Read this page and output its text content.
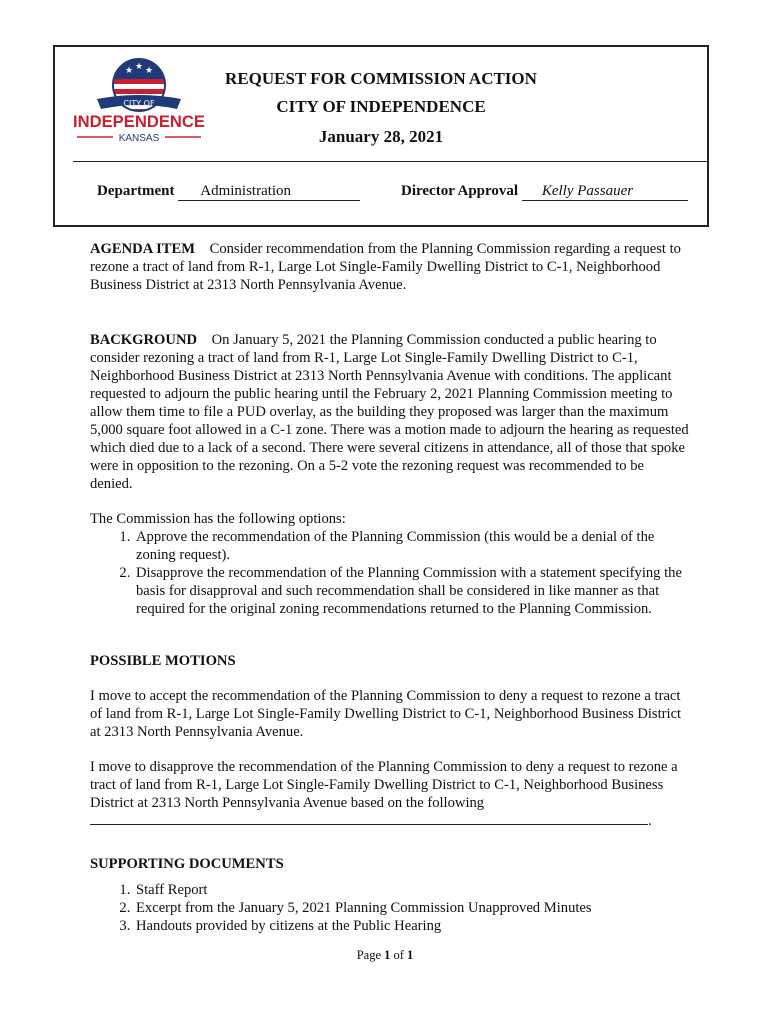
★ ★ ★
CITY OF
INDEPENDENCE
KANSAS
REQUEST FOR COMMISSION ACTION
CITY OF INDEPENDENCE
January 28, 2021
Department Administration	Director Approval Kelly Passauer

AGENDA ITEM Consider recommendation from the Planning Commission regarding a request to rezone a tract of land from R-1, Large Lot Single-Family Dwelling District to C-1, Neighborhood Business District at 2313 North Pennsylvania Avenue.

BACKGROUND On January 5, 2021 the Planning Commission conducted a public hearing to consider rezoning a tract of land from R-1, Large Lot Single-Family Dwelling District to C-1, Neighborhood Business District at 2313 North Pennsylvania Avenue with conditions. The applicant requested to adjourn the public hearing until the February 2, 2021 Planning Commission meeting to allow them time to file a PUD overlay, as the building they proposed was larger than the maximum 5,000 square foot allowed in a C-1 zone. There was a motion made to adjourn the hearing as requested which died due to a lack of a second. There were several citizens in attendance, all of those that spoke were in opposition to the rezoning. On a 5-2 vote the rezoning request was recommended to be denied.

The Commission has the following options:

1. Approve the recommendation of the Planning Commission (this would be a denial of the zoning request).
2. Disapprove the recommendation of the Planning Commission with a statement specifying the basis for disapproval and such recommendation shall be considered in like manner as that required for the original zoning recommendations returned to the Planning Commission.

POSSIBLE MOTIONS

I move to accept the recommendation of the Planning Commission to deny a request to rezone a tract of land from R-1, Large Lot Single-Family Dwelling District to C-1, Neighborhood Business District at 2313 North Pennsylvania Avenue.

I move to disapprove the recommendation of the Planning Commission to deny a request to rezone a tract of land from R-1, Large Lot Single-Family Dwelling District to C-1, Neighborhood Business District at 2313 North Pennsylvania Avenue based on the following
.

SUPPORTING DOCUMENTS

1. Staff Report
2. Excerpt from the January 5, 2021 Planning Commission Unapproved Minutes
3. Handouts provided by citizens at the Public Hearing
Page 1 of 1
